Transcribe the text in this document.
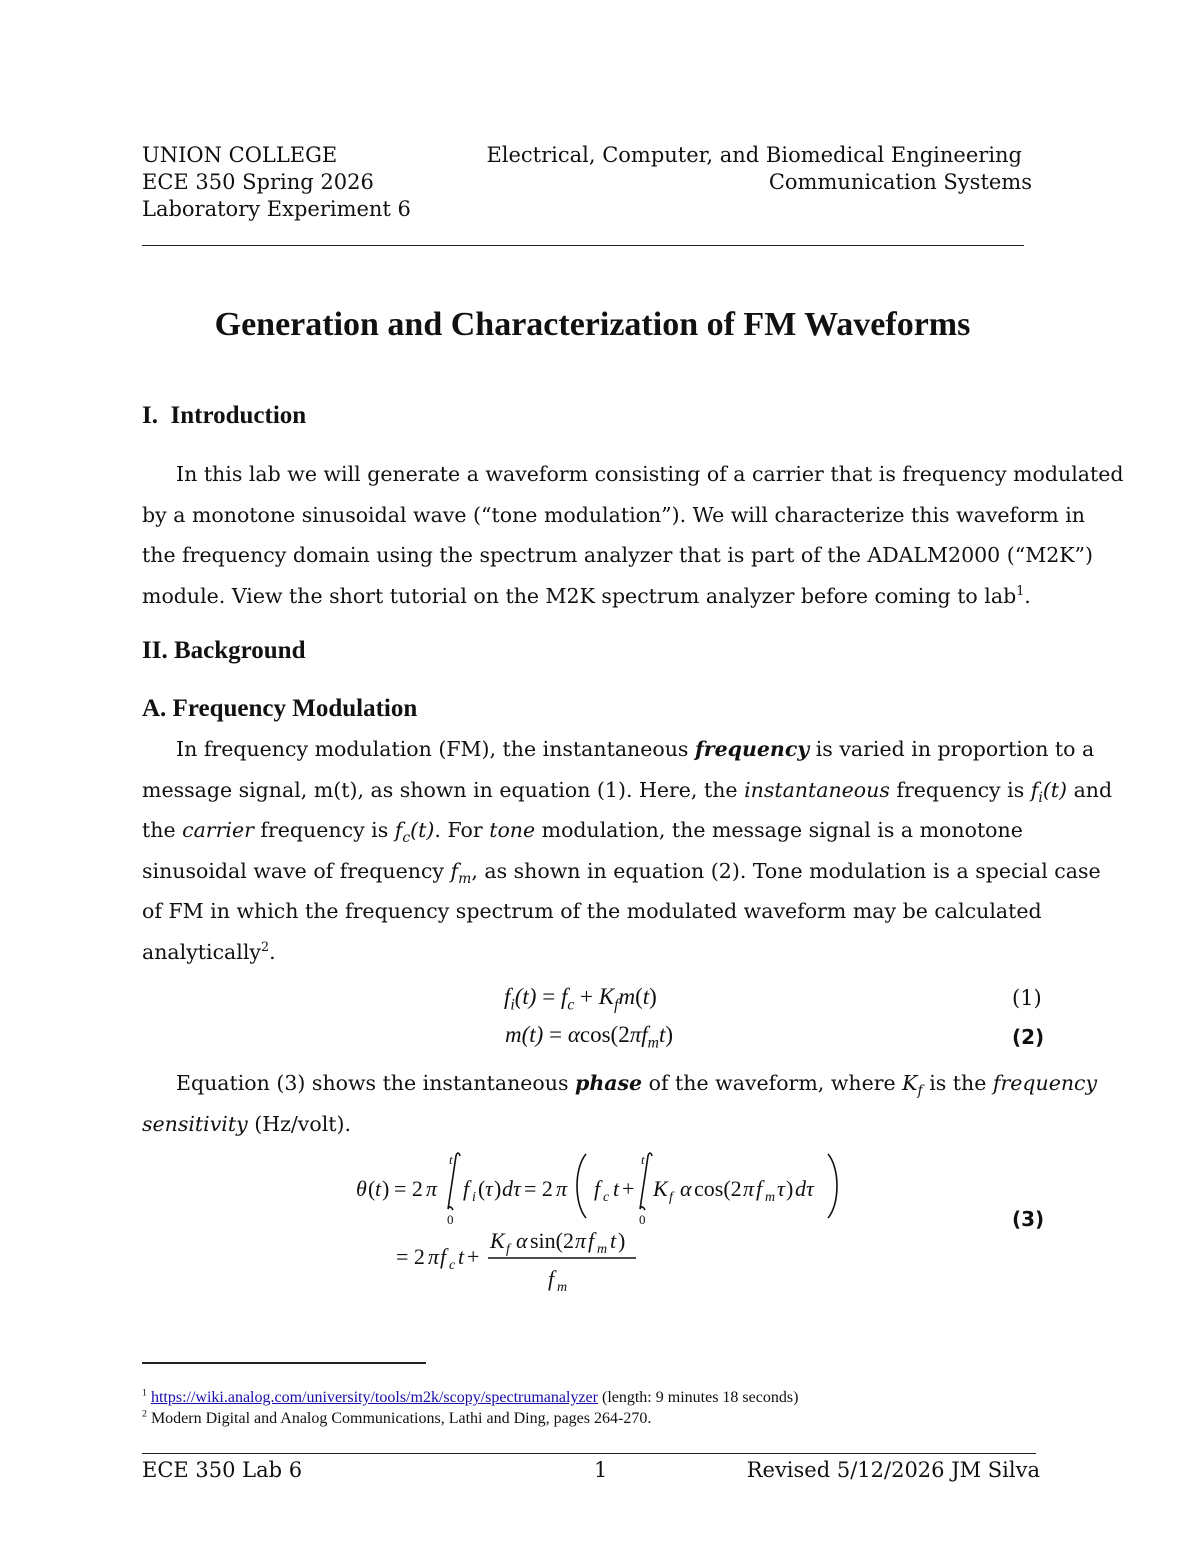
UNION COLLEGE	Electrical, Computer, and Biomedical Engineering
ECE 350 Spring 2026	Communication Systems
Laboratory Experiment 6
Generation and Characterization of FM Waveforms
I. Introduction
In this lab we will generate a waveform consisting of a carrier that is frequency modulated
by a monotone sinusoidal wave (“tone modulation”). We will characterize this waveform in
the frequency domain using the spectrum analyzer that is part of the ADALM2000 (“M2K”)
module. View the short tutorial on the M2K spectrum analyzer before coming to lab$^1$.
II. Background
A. Frequency Modulation
In frequency modulation (FM), the instantaneous frequency is varied in proportion to a
message signal, m(t), as shown in equation (1). Here, the instantaneous frequency is $f_i(t)$ and
the carrier frequency is $f_c(t)$. For tone modulation, the message signal is a monotone
sinusoidal wave of frequency $f_m$, as shown in equation (2). Tone modulation is a special case
of FM in which the frequency spectrum of the modulated waveform may be calculated
analytically$^2$.
$f_i(t) = f_c + K_fm(t)$	(1)
$m(t) = \alpha\cos(2\pi f_mt)$	(2)
Equation (3) shows the instantaneous phase of the waveform, where $K_f$ is the frequency
sensitivity (Hz/volt).
θ ( t ) = 2 π
0
t
f i ( τ ) dτ = 2 π f c t +
0
t
K f α cos(2 π f m τ ) dτ
= 2 π f c t +
K f α sin(2 π f m t )
f m
(3)
$^1$ https://wiki.analog.com/university/tools/m2k/scopy/spectrumanalyzer (length: 9 minutes 18 seconds)
$^2$ Modern Digital and Analog Communications, Lathi and Ding, pages 264-270.
ECE 350 Lab 6	1	Revised 5/12/2026 JM Silva
